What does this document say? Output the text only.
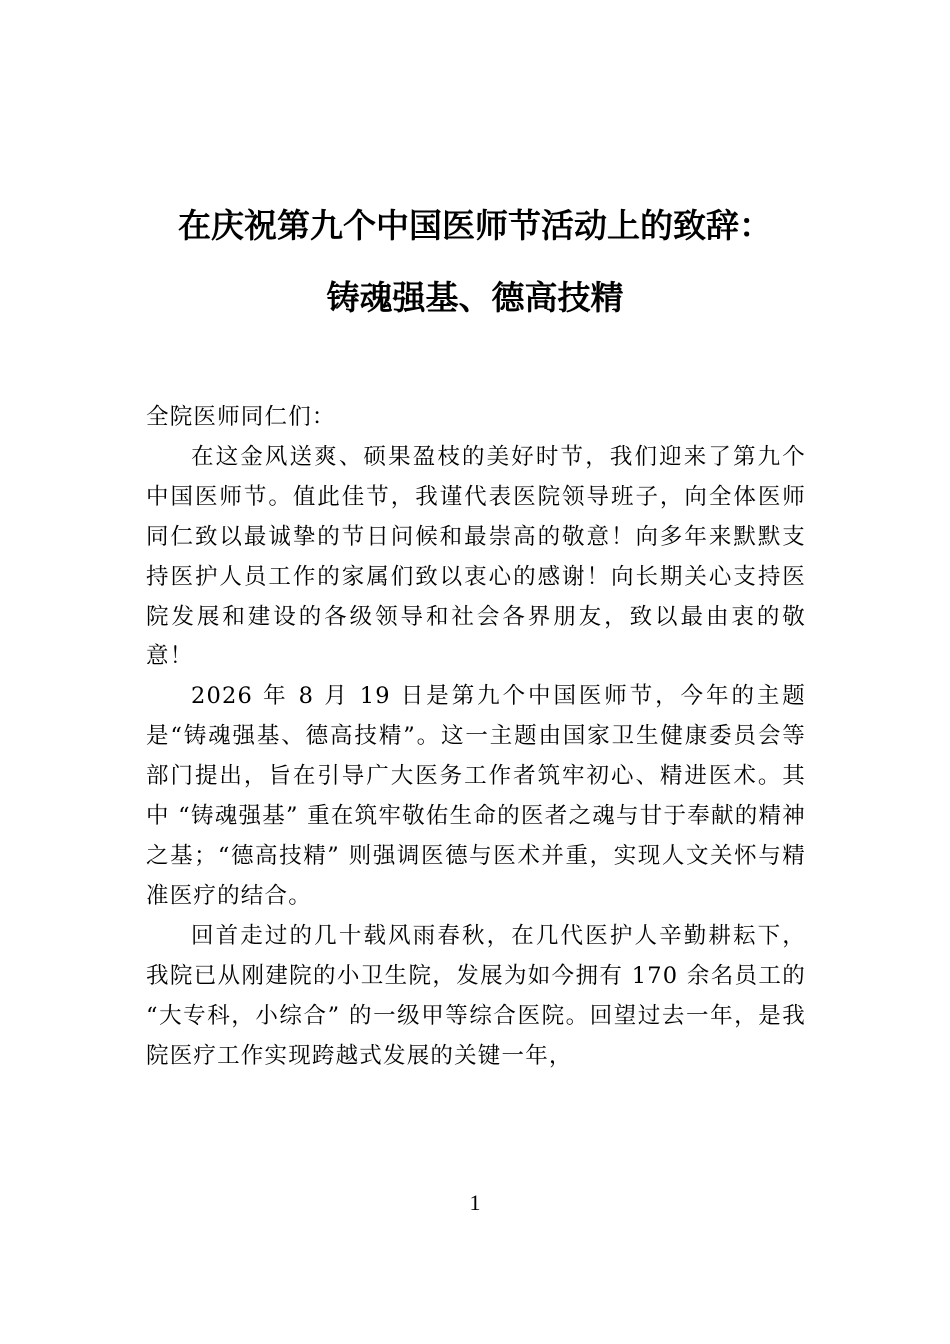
在庆祝第九个中国医师节活动上的致辞：
铸魂强基、德高技精

全院医师同仁们：

在这金风送爽、硕果盈枝的美好时节，我们迎来了第九个中国医师节。值此佳节，我谨代表医院领导班子，向全体医师同仁致以最诚挚的节日问候和最崇高的敬意！向多年来默默支持医护人员工作的家属们致以衷心的感谢！向长期关心支持医院发展和建设的各级领导和社会各界朋友，致以最由衷的敬意！

2026 年 8 月 19 日是第九个中国医师节，今年的主题是“铸魂强基、德高技精”。这一主题由国家卫生健康委员会等部门提出，旨在引导广大医务工作者筑牢初心、精进医术。其中 “铸魂强基” 重在筑牢敬佑生命的医者之魂与甘于奉献的精神之基；“德高技精” 则强调医德与医术并重，实现人文关怀与精准医疗的结合。

回首走过的几十载风雨春秋，在几代医护人辛勤耕耘下，我院已从刚建院的小卫生院，发展为如今拥有 170 余名员工的 “大专科，小综合” 的一级甲等综合医院。回望过去一年，是我院医疗工作实现跨越式发展的关键一年，

1
